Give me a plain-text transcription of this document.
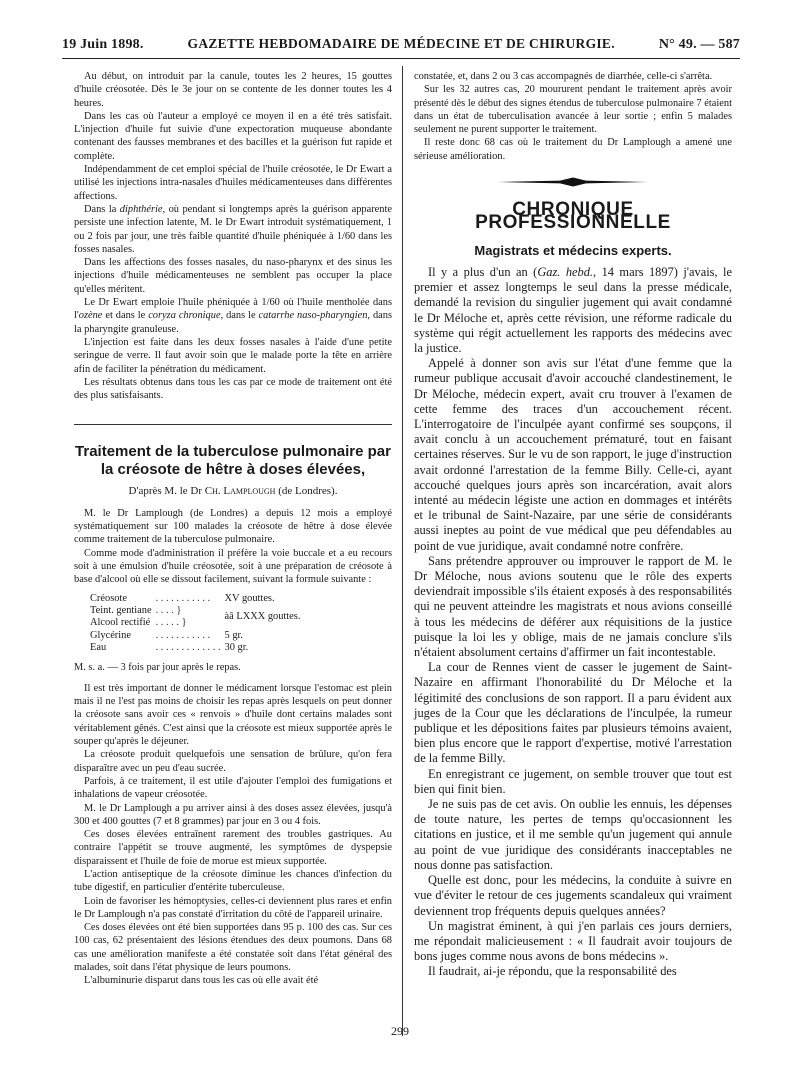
19 Juin 1898.	GAZETTE HEBDOMADAIRE DE MÉDECINE ET DE CHIRURGIE.	N° 49. — 587

Au début, on introduit par la canule, toutes les 2 heures, 15 gouttes d'huile créosotée. Dès le 3e jour on se contente de les donner toutes les 4 heures.

Dans les cas où l'auteur a employé ce moyen il en a été très satisfait. L'injection d'huile fut suivie d'une expectoration muqueuse abondante contenant des fausses membranes et des bacilles et la guérison fut rapide et complète.

Indépendamment de cet emploi spécial de l'huile créosotée, le Dr Ewart a utilisé les injections intra-nasales d'huiles médicamenteuses dans différentes affections.

Dans la diphthérie, où pendant si longtemps après la guérison apparente persiste une infection latente, M. le Dr Ewart introduit systématiquement, 1 ou 2 fois par jour, une très faible quantité d'huile phéniquée à 1/60 dans les fosses nasales.

Dans les affections des fosses nasales, du naso-pharynx et des sinus les injections d'huile médicamenteuses ne semblent pas occuper la place qu'elles méritent.

Le Dr Ewart emploie l'huile phéniquée à 1/60 où l'huile mentholée dans l'ozène et dans le coryza chronique, dans le catarrhe naso-pharyngien, dans la pharyngite granuleuse.

L'injection est faite dans les deux fosses nasales à l'aide d'une petite seringue de verre. Il faut avoir soin que le malade porte la tête en arrière afin de faciliter la pénétration du médicament.

Les résultats obtenus dans tous les cas par ce mode de traitement ont été des plus satisfaisants.

Traitement de la tuberculose pulmonaire par la créosote de hêtre à doses élevées,
D'après M. le Dr Ch. Lamplough (de Londres).

M. le Dr Lamplough (de Londres) a depuis 12 mois a employé systématiquement sur 100 malades la créosote de hêtre à dose élevée comme traitement de la tuberculose pulmonaire.

Comme mode d'administration il préfère la voie buccale et a eu recours soit à une émulsion d'huile créosotée, soit à une préparation de créosote à base d'alcool où elle se dissout facilement, suivant la formule suivante :

Créosote	. . . . . . . . . . .	XV gouttes.
Teint. gentiane	. . . . }	àâ LXXX gouttes.
Alcool rectifié	. . . . . }	
Glycérine	. . . . . . . . . . .	5 gr.
Eau	. . . . . . . . . . . . .	30 gr.

M. s. a. — 3 fois par jour après le repas.

Il est très important de donner le médicament lorsque l'estomac est plein mais il ne l'est pas moins de choisir les repas après lesquels on peut donner la créosote sans avoir ces « renvois » d'huile dont certains malades sont véritablement gênés. C'est ainsi que la créosote est mieux supportée après le souper qu'après le déjeuner.

La créosote produit quelquefois une sensation de brûlure, qu'on fera disparaître avec un peu d'eau sucrée.

Parfois, à ce traitement, il est utile d'ajouter l'emploi des fumigations et inhalations de vapeur créosotée.

M. le Dr Lamplough a pu arriver ainsi à des doses assez élevées, jusqu'à 300 et 400 gouttes (7 et 8 grammes) par jour en 3 ou 4 fois.

Ces doses élevées entraînent rarement des troubles gastriques. Au contraire l'appétit se trouve augmenté, les symptômes de dyspepsie disparaissent et l'huile de foie de morue est mieux supportée.

L'action antiseptique de la créosote diminue les chances d'infection du tube digestif, en particulier d'entérite tuberculeuse.

Loin de favoriser les hémoptysies, celles-ci deviennent plus rares et enfin le Dr Lamplough n'a pas constaté d'irritation du côté de l'appareil urinaire.

Ces doses élevées ont été bien supportées dans 95 p. 100 des cas. Sur ces 100 cas, 62 présentaient des lésions étendues des deux poumons. Dans 68 cas une amélioration manifeste a été constatée soit dans l'état général des malades, soit dans l'état physique de leurs poumons.

L'albuminurie disparut dans tous les cas où elle avait été

constatée, et, dans 2 ou 3 cas accompagnés de diarrhée, celle-ci s'arrêta.

Sur les 32 autres cas, 20 moururent pendant le traitement après avoir présenté dès le début des signes étendus de tuberculose pulmonaire 7 étaient dans un état de tuberculisation avancée à leur sortie ; enfin 5 malades seulement ne purent supporter le traitement.

Il reste donc 68 cas où le traitement du Dr Lamplough a amené une sérieuse amélioration.

CHRONIQUE PROFESSIONNELLE
Magistrats et médecins experts.

Il y a plus d'un an (Gaz. hebd., 14 mars 1897) j'avais, le premier et assez longtemps le seul dans la presse médicale, demandé la revision du singulier jugement qui avait condamné le Dr Méloche et, après cette révision, une réforme radicale du système qui régit actuellement les rapports des médecins avec la justice.

Appelé à donner son avis sur l'état d'une femme que la rumeur publique accusait d'avoir accouché clandestinement, le Dr Méloche, médecin expert, avait cru trouver à l'examen de cette femme des traces d'un accouchement récent. L'interrogatoire de l'inculpée ayant confirmé ses soupçons, il avait conclu à un accouchement prématuré, tout en faisant certaines réserves. Sur le vu de son rapport, le juge d'instruction avait ordonné l'arrestation de la femme Billy. Celle-ci, ayant accouché quelques jours après son incarcération, avait alors intenté au médecin légiste une action en dommages et intérêts et le tribunal de Saint-Nazaire, par une série de considérants aussi ineptes au point de vue médical que peu défendables au point de vue juridique, avait condamné notre confrère.

Sans prétendre approuver ou improuver le rapport de M. le Dr Méloche, nous avions soutenu que le rôle des experts deviendrait impossible s'ils étaient exposés à des responsabilités qui ne peuvent atteindre les magistrats et nous avions conseillé à tous les médecins de déférer aux réquisitions de la justice puisque la loi les y oblige, mais de ne jamais conclure s'ils n'étaient absolument certains d'affirmer un fait incontestable.

La cour de Rennes vient de casser le jugement de Saint-Nazaire en affirmant l'honorabilité du Dr Méloche et la légitimité des conclusions de son rapport. Il a paru évident aux juges de la Cour que les déclarations de l'inculpée, la rumeur publique et les dépositions faites par plusieurs témoins avaient, bien plus encore que le rapport d'expertise, motivé l'arrestation de la femme Billy.

En enregistrant ce jugement, on semble trouver que tout est bien qui finit bien.

Je ne suis pas de cet avis. On oublie les ennuis, les dépenses de toute nature, les pertes de temps qu'occasionnent les citations en justice, et il me semble qu'un jugement qui annule au point de vue juridique des considérants inacceptables ne nous donne pas satisfaction.

Quelle est donc, pour les médecins, la conduite à suivre en vue d'éviter le retour de ces jugements scandaleux qui vraiment deviennent trop fréquents depuis quelques années?

Un magistrat éminent, à qui j'en parlais ces jours derniers, me répondait malicieusement : « Il faudrait avoir toujours de bons juges comme nous avons de bons médecins ».

Il faudrait, ai-je répondu, que la responsabilité des

299
